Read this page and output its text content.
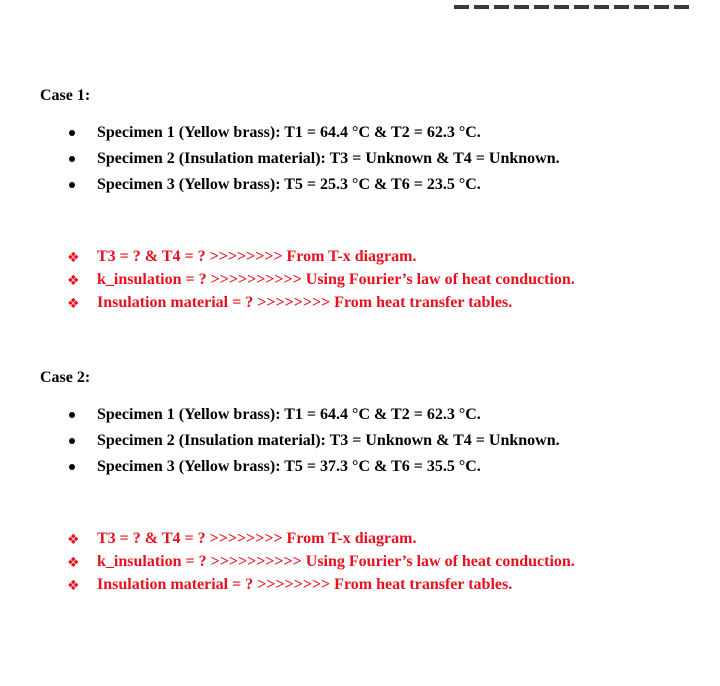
Case 1:

Specimen 1 (Yellow brass): T1 = 64.4 °C & T2 = 62.3 °C.
Specimen 2 (Insulation material): T3 = Unknown & T4 = Unknown.
Specimen 3 (Yellow brass): T5 = 25.3 °C & T6 = 23.5 °C.
❖ T3 = ? & T4 = ? >>>>>>>> From T-x diagram.
❖ k_insulation = ? >>>>>>>>>> Using Fourier’s law of heat conduction.
❖ Insulation material = ? >>>>>>>> From heat transfer tables.

Case 2:

Specimen 1 (Yellow brass): T1 = 64.4 °C & T2 = 62.3 °C.
Specimen 2 (Insulation material): T3 = Unknown & T4 = Unknown.
Specimen 3 (Yellow brass): T5 = 37.3 °C & T6 = 35.5 °C.
❖ T3 = ? & T4 = ? >>>>>>>> From T-x diagram.
❖ k_insulation = ? >>>>>>>>>> Using Fourier’s law of heat conduction.
❖ Insulation material = ? >>>>>>>> From heat transfer tables.
